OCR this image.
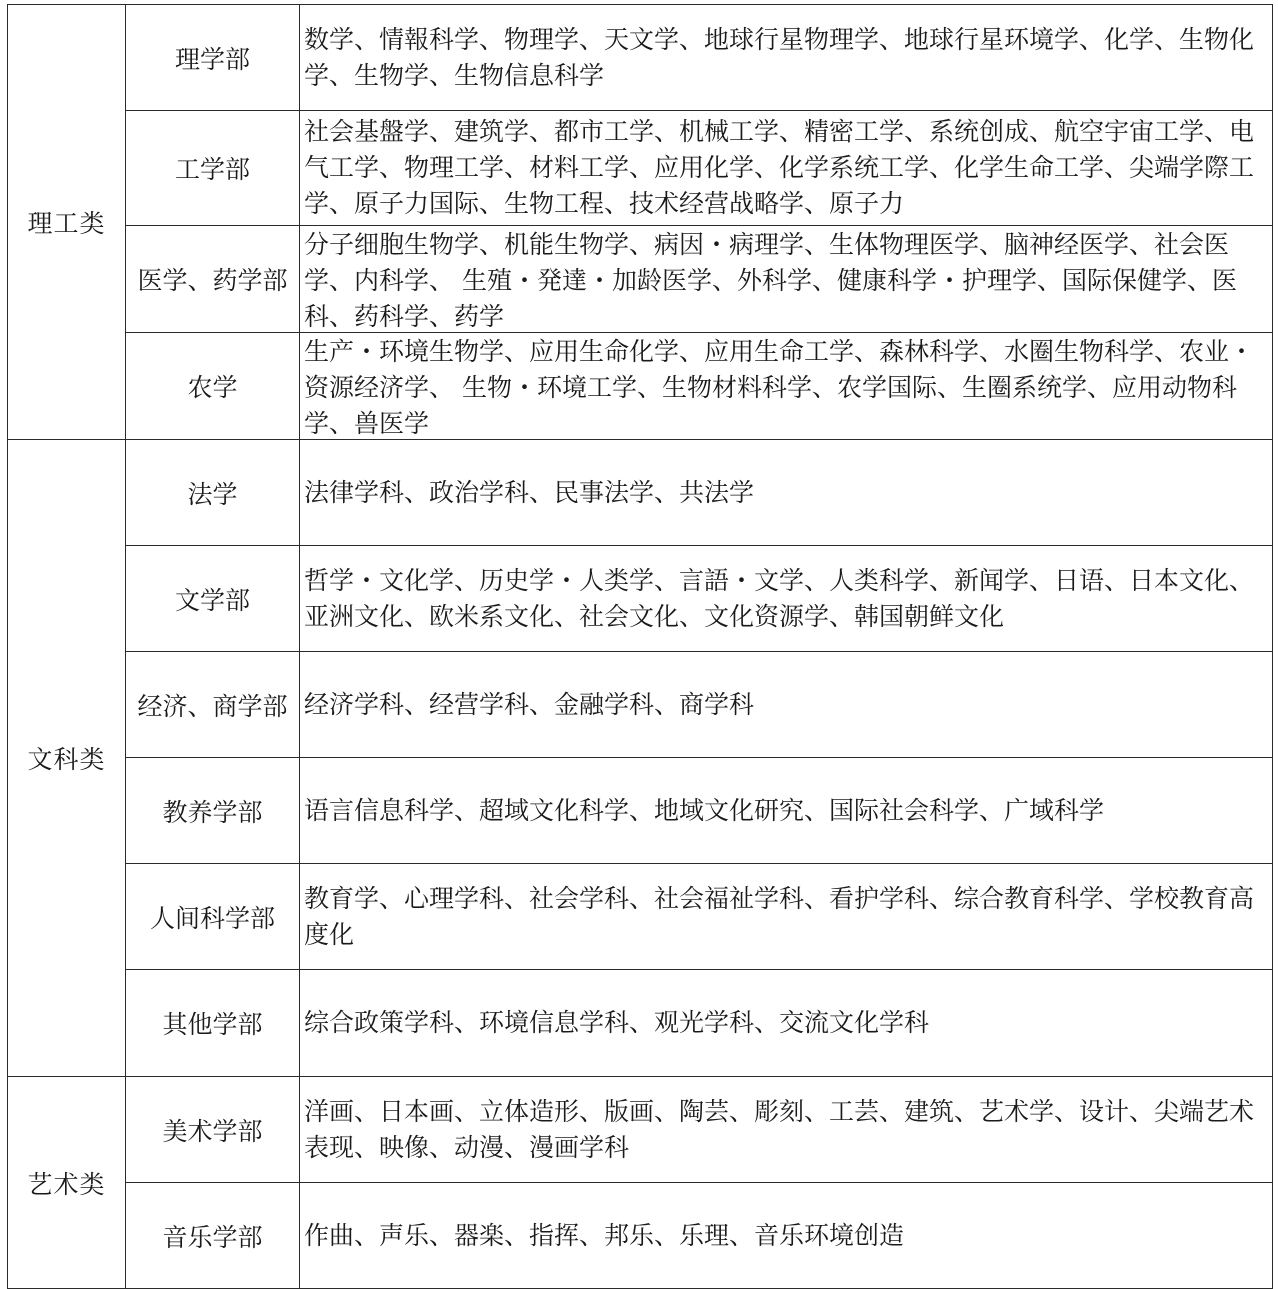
理工类	理学部	数学、情報科学、物理学、天文学、地球行星物理学、地球行星环境学、化学、生物化学、生物学、生物信息科学

	工学部	社会基盤学、建筑学、都市工学、机械工学、精密工学、系统创成、航空宇宙工学、电气工学、物理工学、材料工学、应用化学、化学系统工学、化学生命工学、尖端学際工学、原子力国际、生物工程、技术经营战略学、原子力

	医学、药学部	分子细胞生物学、机能生物学、病因・病理学、生体物理医学、脑神经医学、社会医学、内科学、 生殖・発達・加龄医学、外科学、健康科学・护理学、国际保健学、医科、药科学、药学

	农学	生产・环境生物学、应用生命化学、应用生命工学、森林科学、水圈生物科学、农业・资源经济学、 生物・环境工学、生物材料科学、农学国际、生圈系统学、应用动物科学、兽医学

文科类	法学	法律学科、政治学科、民事法学、共法学

	文学部	哲学・文化学、历史学・人类学、言語・文学、人类科学、新闻学、日语、日本文化、亚洲文化、欧米系文化、社会文化、文化资源学、韩国朝鲜文化

	经济、商学部	经济学科、经营学科、金融学科、商学科

	教养学部	语言信息科学、超域文化科学、地域文化研究、国际社会科学、广域科学

	人间科学部	教育学、心理学科、社会学科、社会福祉学科、看护学科、综合教育科学、学校教育高度化

	其他学部	综合政策学科、环境信息学科、观光学科、交流文化学科

艺术类	美术学部	洋画、日本画、立体造形、版画、陶芸、彫刻、工芸、建筑、艺术学、设计、尖端艺术表现、映像、动漫、漫画学科

	音乐学部	作曲、声乐、器楽、指挥、邦乐、乐理、音乐环境创造
